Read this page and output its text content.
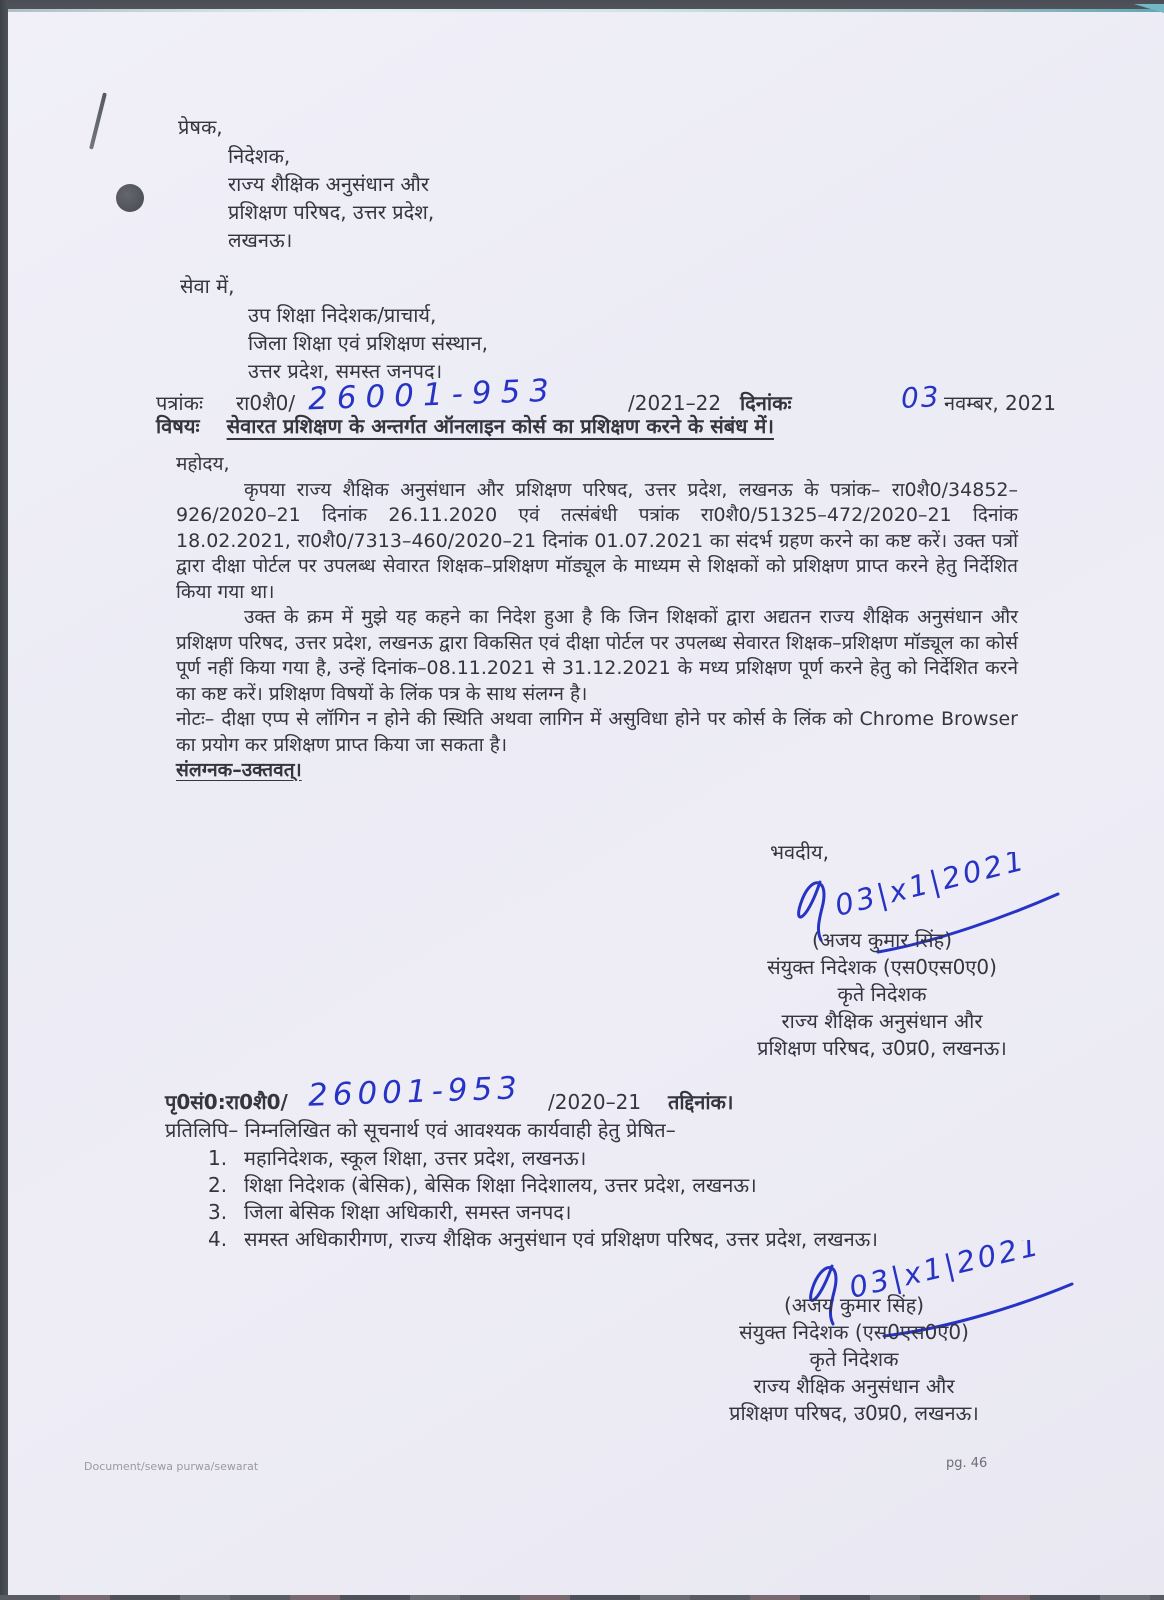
प्रेषक,
निदेशक,
राज्य शैक्षिक अनुसंधान और
प्रशिक्षण परिषद, उत्तर प्रदेश,
लखनऊ।
सेवा में,
उप शिक्षा निदेशक/प्राचार्य,
जिला शिक्षा एवं प्रशिक्षण संस्थान,
उत्तर प्रदेश, समस्त जनपद।
पत्रांकः रा0शै0/ 26001-953	/2021–22 दिनांकः	03 नवम्बर, 2021
विषयः सेवारत प्रशिक्षण के अन्तर्गत ऑनलाइन कोर्स का प्रशिक्षण करने के संबंध में।

महोदय,

कृपया राज्य शैक्षिक अनुसंधान और प्रशिक्षण परिषद, उत्तर प्रदेश, लखनऊ के पत्रांक– रा0शै0/34852–926/2020–21 दिनांक 26.11.2020 एवं तत्संबंधी पत्रांक रा0शै0/51325–472/2020–21 दिनांक 18.02.2021, रा0शै0/7313–460/2020–21 दिनांक 01.07.2021 का संदर्भ ग्रहण करने का कष्ट करें। उक्त पत्रों द्वारा दीक्षा पोर्टल पर उपलब्ध सेवारत शिक्षक–प्रशिक्षण मॉड्यूल के माध्यम से शिक्षकों को प्रशिक्षण प्राप्त करने हेतु निर्देशित किया गया था।

उक्त के क्रम में मुझे यह कहने का निदेश हुआ है कि जिन शिक्षकों द्वारा अद्यतन राज्य शैक्षिक अनुसंधान और प्रशिक्षण परिषद, उत्तर प्रदेश, लखनऊ द्वारा विकसित एवं दीक्षा पोर्टल पर उपलब्ध सेवारत शिक्षक–प्रशिक्षण मॉड्यूल का कोर्स पूर्ण नहीं किया गया है, उन्हें दिनांक–08.11.2021 से 31.12.2021 के मध्य प्रशिक्षण पूर्ण करने हेतु को निर्देशित करने का कष्ट करें। प्रशिक्षण विषयों के लिंक पत्र के साथ संलग्न है।

नोटः– दीक्षा एप्प से लॉगिन न होने की स्थिति अथवा लागिन में असुविधा होने पर कोर्स के लिंक को Chrome Browser का प्रयोग कर प्रशिक्षण प्राप्त किया जा सकता है।

संलग्नक–उक्तवत्।

भवदीय, 03|x1|2021
(अजय कुमार सिंह)
संयुक्त निदेशक (एस0एस0ए0)
कृते निदेशक
राज्य शैक्षिक अनुसंधान और
प्रशिक्षण परिषद, उ0प्र0, लखनऊ।
पृ0सं0:रा0शै0/ 26001-953 /2020–21 तद्दिनांक।
प्रतिलिपि– निम्नलिखित को सूचनार्थ एवं आवश्यक कार्यवाही हेतु प्रेषित–
महानिदेशक, स्कूल शिक्षा, उत्तर प्रदेश, लखनऊ।
शिक्षा निदेशक (बेसिक), बेसिक शिक्षा निदेशालय, उत्तर प्रदेश, लखनऊ।
जिला बेसिक शिक्षा अधिकारी, समस्त जनपद।
समस्त अधिकारीगण, राज्य शैक्षिक अनुसंधान एवं प्रशिक्षण परिषद, उत्तर प्रदेश, लखनऊ।
03|x1|2021
(अजय कुमार सिंह)
संयुक्त निदेशक (एस0एस0ए0)
कृते निदेशक
राज्य शैक्षिक अनुसंधान और
प्रशिक्षण परिषद, उ0प्र0, लखनऊ।
Document/sewa purwa/sewarat	pg. 46
